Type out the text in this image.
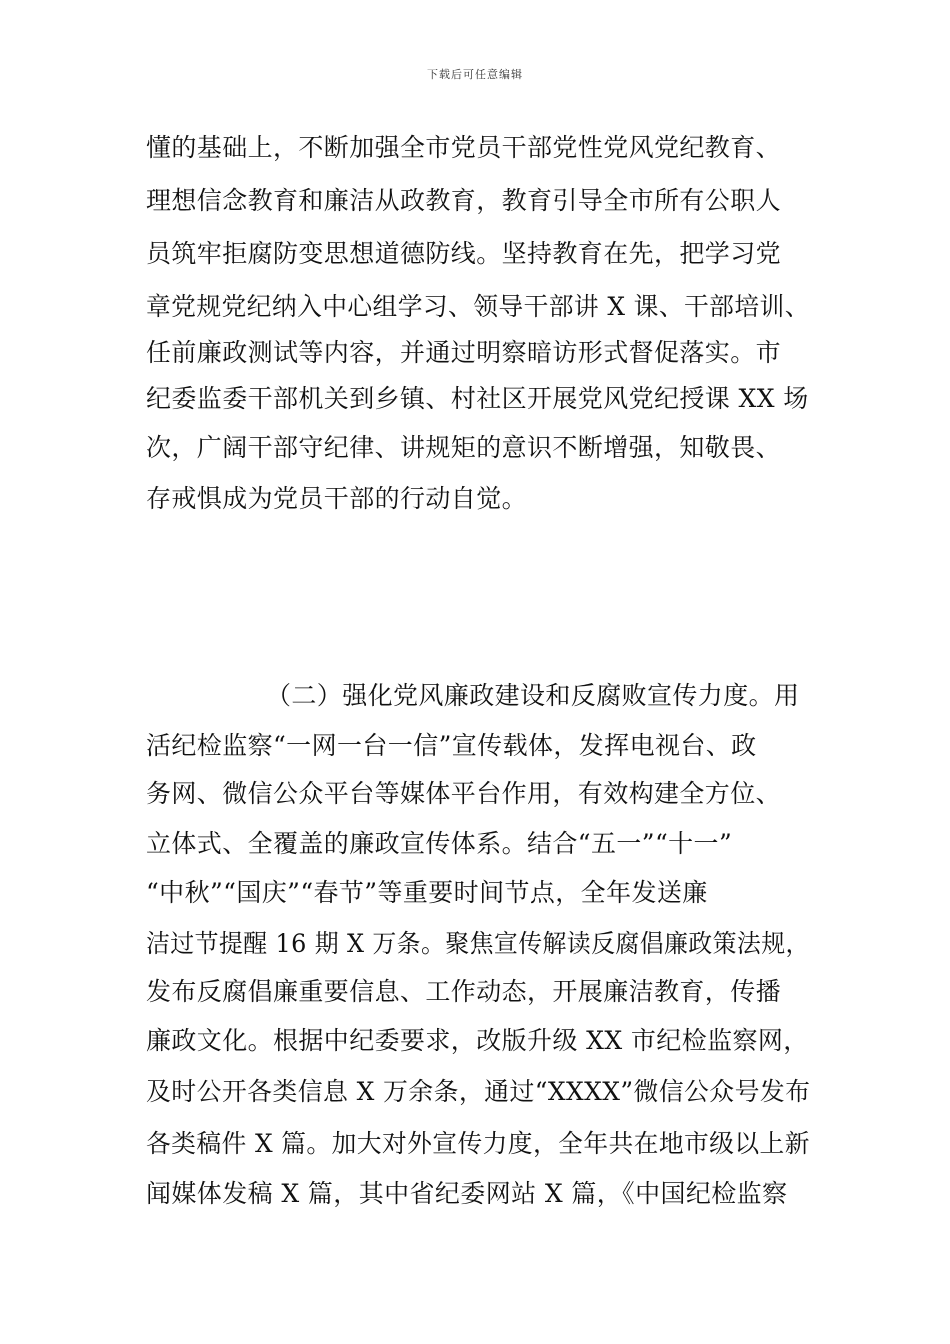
下载后可任意编辑
懂的基础上，不断加强全市党员干部党性党风党纪教育、
理想信念教育和廉洁从政教育，教育引导全市所有公职人
员筑牢拒腐防变思想道德防线。坚持教育在先，把学习党
章党规党纪纳入中心组学习、领导干部讲 X 课、干部培训、
任前廉政测试等内容，并通过明察暗访形式督促落实。市
纪委监委干部机关到乡镇、村社区开展党风党纪授课 XX 场
次，广阔干部守纪律、讲规矩的意识不断增强，知敬畏、
存戒惧成为党员干部的行动自觉。
（二）强化党风廉政建设和反腐败宣传力度。用
活纪检监察“一网一台一信”宣传载体，发挥电视台、政
务网、微信公众平台等媒体平台作用，有效构建全方位、
立体式、全覆盖的廉政宣传体系。结合“五一”“十一”
“中秋”“国庆”“春节”等重要时间节点，全年发送廉
洁过节提醒 16 期 X 万条。聚焦宣传解读反腐倡廉政策法规，
发布反腐倡廉重要信息、工作动态，开展廉洁教育，传播
廉政文化。根据中纪委要求，改版升级 XX 市纪检监察网，
及时公开各类信息 X 万余条，通过“XXXX”微信公众号发布
各类稿件 X 篇。加大对外宣传力度，全年共在地市级以上新
闻媒体发稿 X 篇，其中省纪委网站 X 篇，《中国纪检监察
